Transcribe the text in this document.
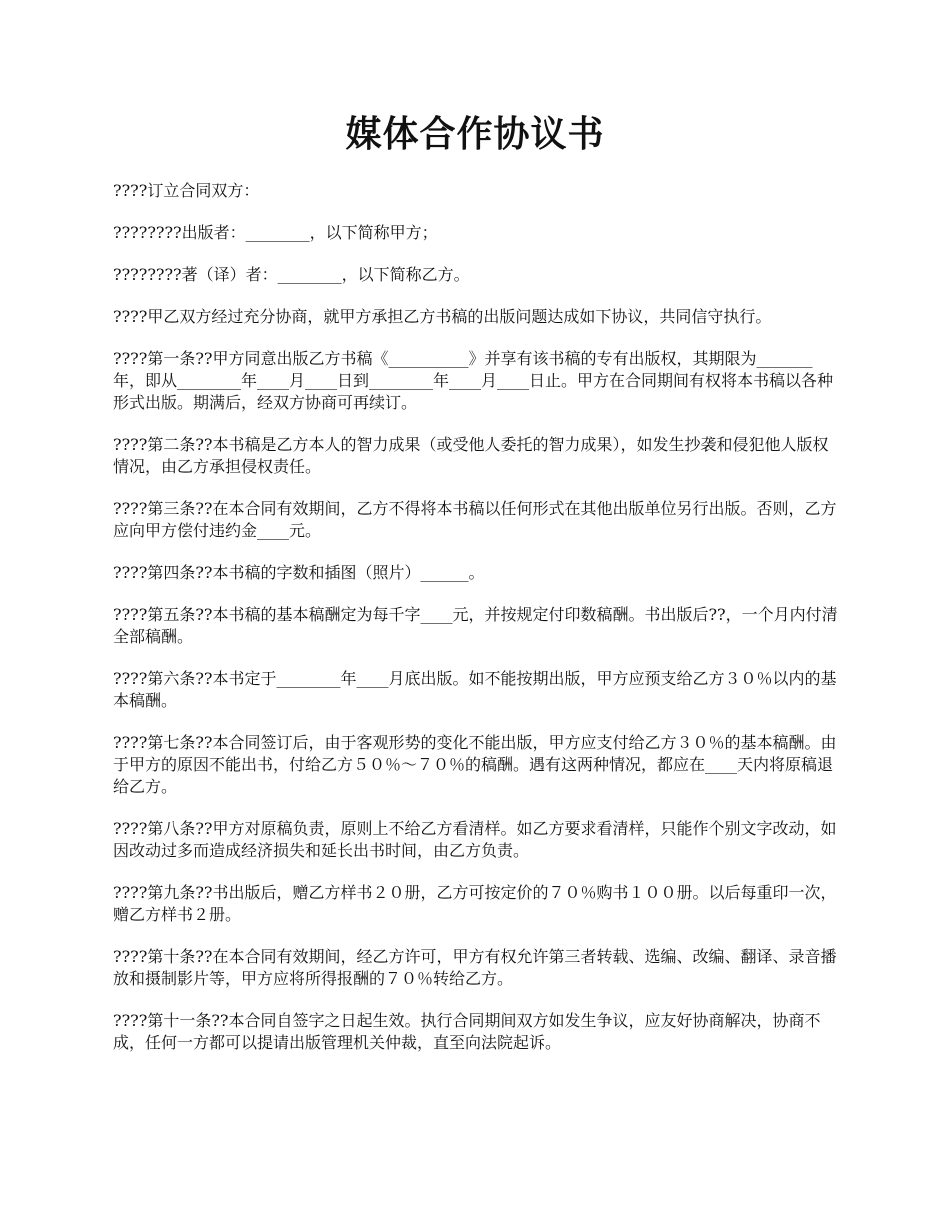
媒体合作协议书

????订立合同双方：

????????出版者：________，以下简称甲方；

????????著（译）者：________，以下简称乙方。

????甲乙双方经过充分协商，就甲方承担乙方书稿的出版问题达成如下协议，共同信守执行。

????第一条??甲方同意出版乙方书稿《__________》并享有该书稿的专有出版权，其期限为_______年，即从________年____月____日到________年____月____日止。甲方在合同期间有权将本书稿以各种形式出版。期满后，经双方协商可再续订。

????第二条??本书稿是乙方本人的智力成果（或受他人委托的智力成果），如发生抄袭和侵犯他人版权情况，由乙方承担侵权责任。

????第三条??在本合同有效期间，乙方不得将本书稿以任何形式在其他出版单位另行出版。否则，乙方应向甲方偿付违约金____元。

????第四条??本书稿的字数和插图（照片）______。

????第五条??本书稿的基本稿酬定为每千字____元，并按规定付印数稿酬。书出版后??，一个月内付清全部稿酬。

????第六条??本书定于________年____月底出版。如不能按期出版，甲方应预支给乙方３０％以内的基本稿酬。

????第七条??本合同签订后，由于客观形势的变化不能出版，甲方应支付给乙方３０％的基本稿酬。由于甲方的原因不能出书，付给乙方５０％～７０％的稿酬。遇有这两种情况，都应在____天内将原稿退给乙方。

????第八条??甲方对原稿负责，原则上不给乙方看清样。如乙方要求看清样，只能作个别文字改动，如因改动过多而造成经济损失和延长出书时间，由乙方负责。

????第九条??书出版后，赠乙方样书２０册，乙方可按定价的７０％购书１００册。以后每重印一次，赠乙方样书２册。

????第十条??在本合同有效期间，经乙方许可，甲方有权允许第三者转载、选编、改编、翻译、录音播放和摄制影片等，甲方应将所得报酬的７０％转给乙方。

????第十一条??本合同自签字之日起生效。执行合同期间双方如发生争议，应友好协商解决，协商不成，任何一方都可以提请出版管理机关仲裁，直至向法院起诉。
